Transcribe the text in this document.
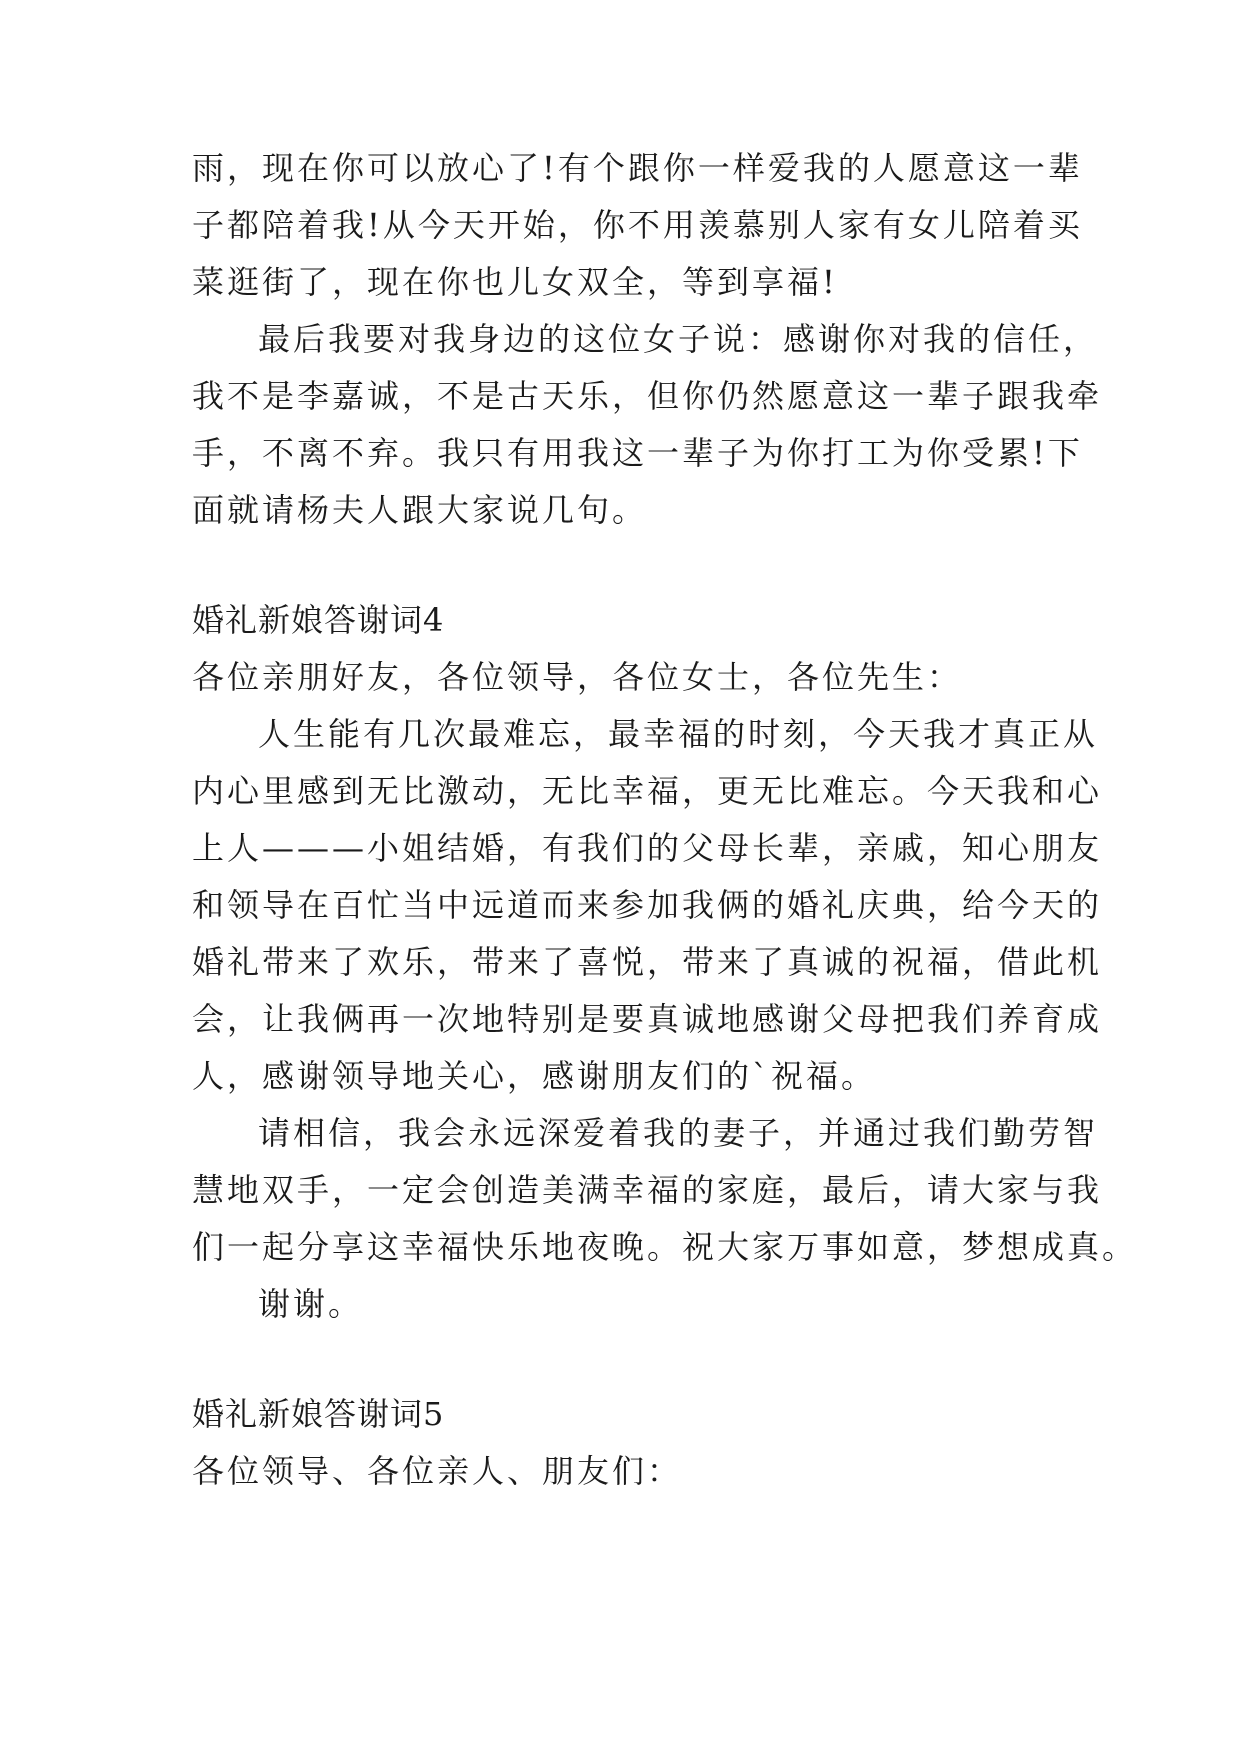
雨，现在你可以放心了!有个跟你一样爱我的人愿意这一辈
子都陪着我!从今天开始，你不用羡慕别人家有女儿陪着买
菜逛街了，现在你也儿女双全，等到享福!
最后我要对我身边的这位女子说：感谢你对我的信任，
我不是李嘉诚，不是古天乐，但你仍然愿意这一辈子跟我牵
手，不离不弃。我只有用我这一辈子为你打工为你受累!下
面就请杨夫人跟大家说几句。
婚礼新娘答谢词4
各位亲朋好友，各位领导，各位女士，各位先生：
人生能有几次最难忘，最幸福的时刻，今天我才真正从
内心里感到无比激动，无比幸福，更无比难忘。今天我和心
上人———小姐结婚，有我们的父母长辈，亲戚，知心朋友
和领导在百忙当中远道而来参加我俩的婚礼庆典，给今天的
婚礼带来了欢乐，带来了喜悦，带来了真诚的祝福，借此机
会，让我俩再一次地特别是要真诚地感谢父母把我们养育成
人，感谢领导地关心，感谢朋友们的`祝福。
请相信，我会永远深爱着我的妻子，并通过我们勤劳智
慧地双手，一定会创造美满幸福的家庭，最后，请大家与我
们一起分享这幸福快乐地夜晚。祝大家万事如意，梦想成真。
谢谢。
婚礼新娘答谢词5
各位领导、各位亲人、朋友们：
